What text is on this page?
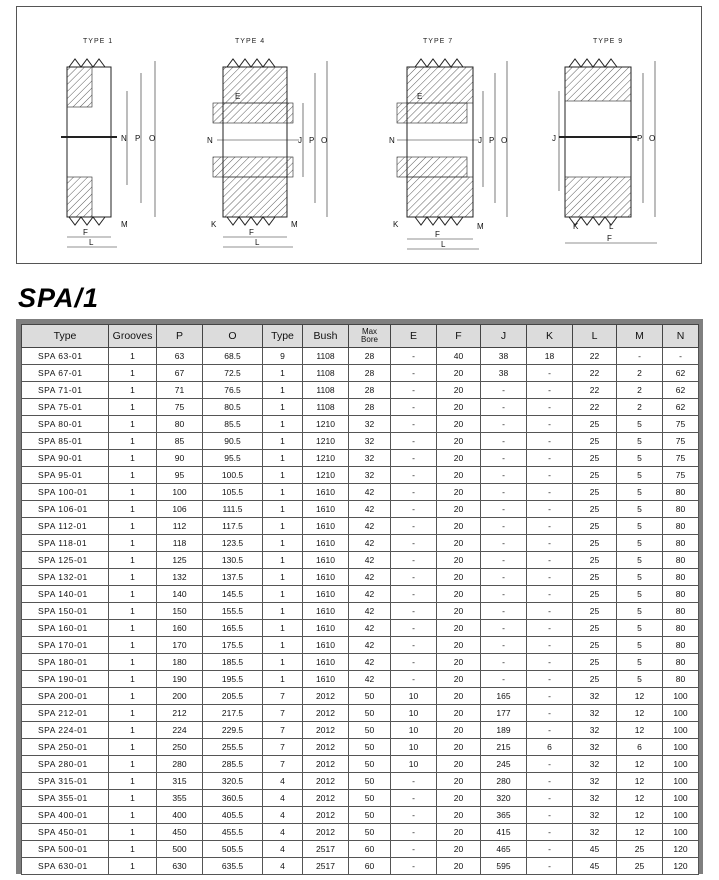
TYPE 1
N P O
F
L
M
TYPE 4
N	J P O
E
K	M
F
L
TYPE 7
N	J P O
E
K	M
F
L
TYPE 9
J	P O
K	L
F
SPA/1
Type	Grooves	P	O	Type	Bush	Max
Bore	E	F	J	K	L	M	N
SPA 63-01	1	63	68.5	9	1108	28	-	40	38	18	22	-	-
SPA 67-01	1	67	72.5	1	1108	28	-	20	38	-	22	2	62
SPA 71-01	1	71	76.5	1	1108	28	-	20	-	-	22	2	62
SPA 75-01	1	75	80.5	1	1108	28	-	20	-	-	22	2	62
SPA 80-01	1	80	85.5	1	1210	32	-	20	-	-	25	5	75
SPA 85-01	1	85	90.5	1	1210	32	-	20	-	-	25	5	75
SPA 90-01	1	90	95.5	1	1210	32	-	20	-	-	25	5	75
SPA 95-01	1	95	100.5	1	1210	32	-	20	-	-	25	5	75
SPA 100-01	1	100	105.5	1	1610	42	-	20	-	-	25	5	80
SPA 106-01	1	106	111.5	1	1610	42	-	20	-	-	25	5	80
SPA 112-01	1	112	117.5	1	1610	42	-	20	-	-	25	5	80
SPA 118-01	1	118	123.5	1	1610	42	-	20	-	-	25	5	80
SPA 125-01	1	125	130.5	1	1610	42	-	20	-	-	25	5	80
SPA 132-01	1	132	137.5	1	1610	42	-	20	-	-	25	5	80
SPA 140-01	1	140	145.5	1	1610	42	-	20	-	-	25	5	80
SPA 150-01	1	150	155.5	1	1610	42	-	20	-	-	25	5	80
SPA 160-01	1	160	165.5	1	1610	42	-	20	-	-	25	5	80
SPA 170-01	1	170	175.5	1	1610	42	-	20	-	-	25	5	80
SPA 180-01	1	180	185.5	1	1610	42	-	20	-	-	25	5	80
SPA 190-01	1	190	195.5	1	1610	42	-	20	-	-	25	5	80
SPA 200-01	1	200	205.5	7	2012	50	10	20	165	-	32	12	100
SPA 212-01	1	212	217.5	7	2012	50	10	20	177	-	32	12	100
SPA 224-01	1	224	229.5	7	2012	50	10	20	189	-	32	12	100
SPA 250-01	1	250	255.5	7	2012	50	10	20	215	6	32	6	100
SPA 280-01	1	280	285.5	7	2012	50	10	20	245	-	32	12	100
SPA 315-01	1	315	320.5	4	2012	50	-	20	280	-	32	12	100
SPA 355-01	1	355	360.5	4	2012	50	-	20	320	-	32	12	100
SPA 400-01	1	400	405.5	4	2012	50	-	20	365	-	32	12	100
SPA 450-01	1	450	455.5	4	2012	50	-	20	415	-	32	12	100
SPA 500-01	1	500	505.5	4	2517	60	-	20	465	-	45	25	120
SPA 630-01	1	630	635.5	4	2517	60	-	20	595	-	45	25	120
